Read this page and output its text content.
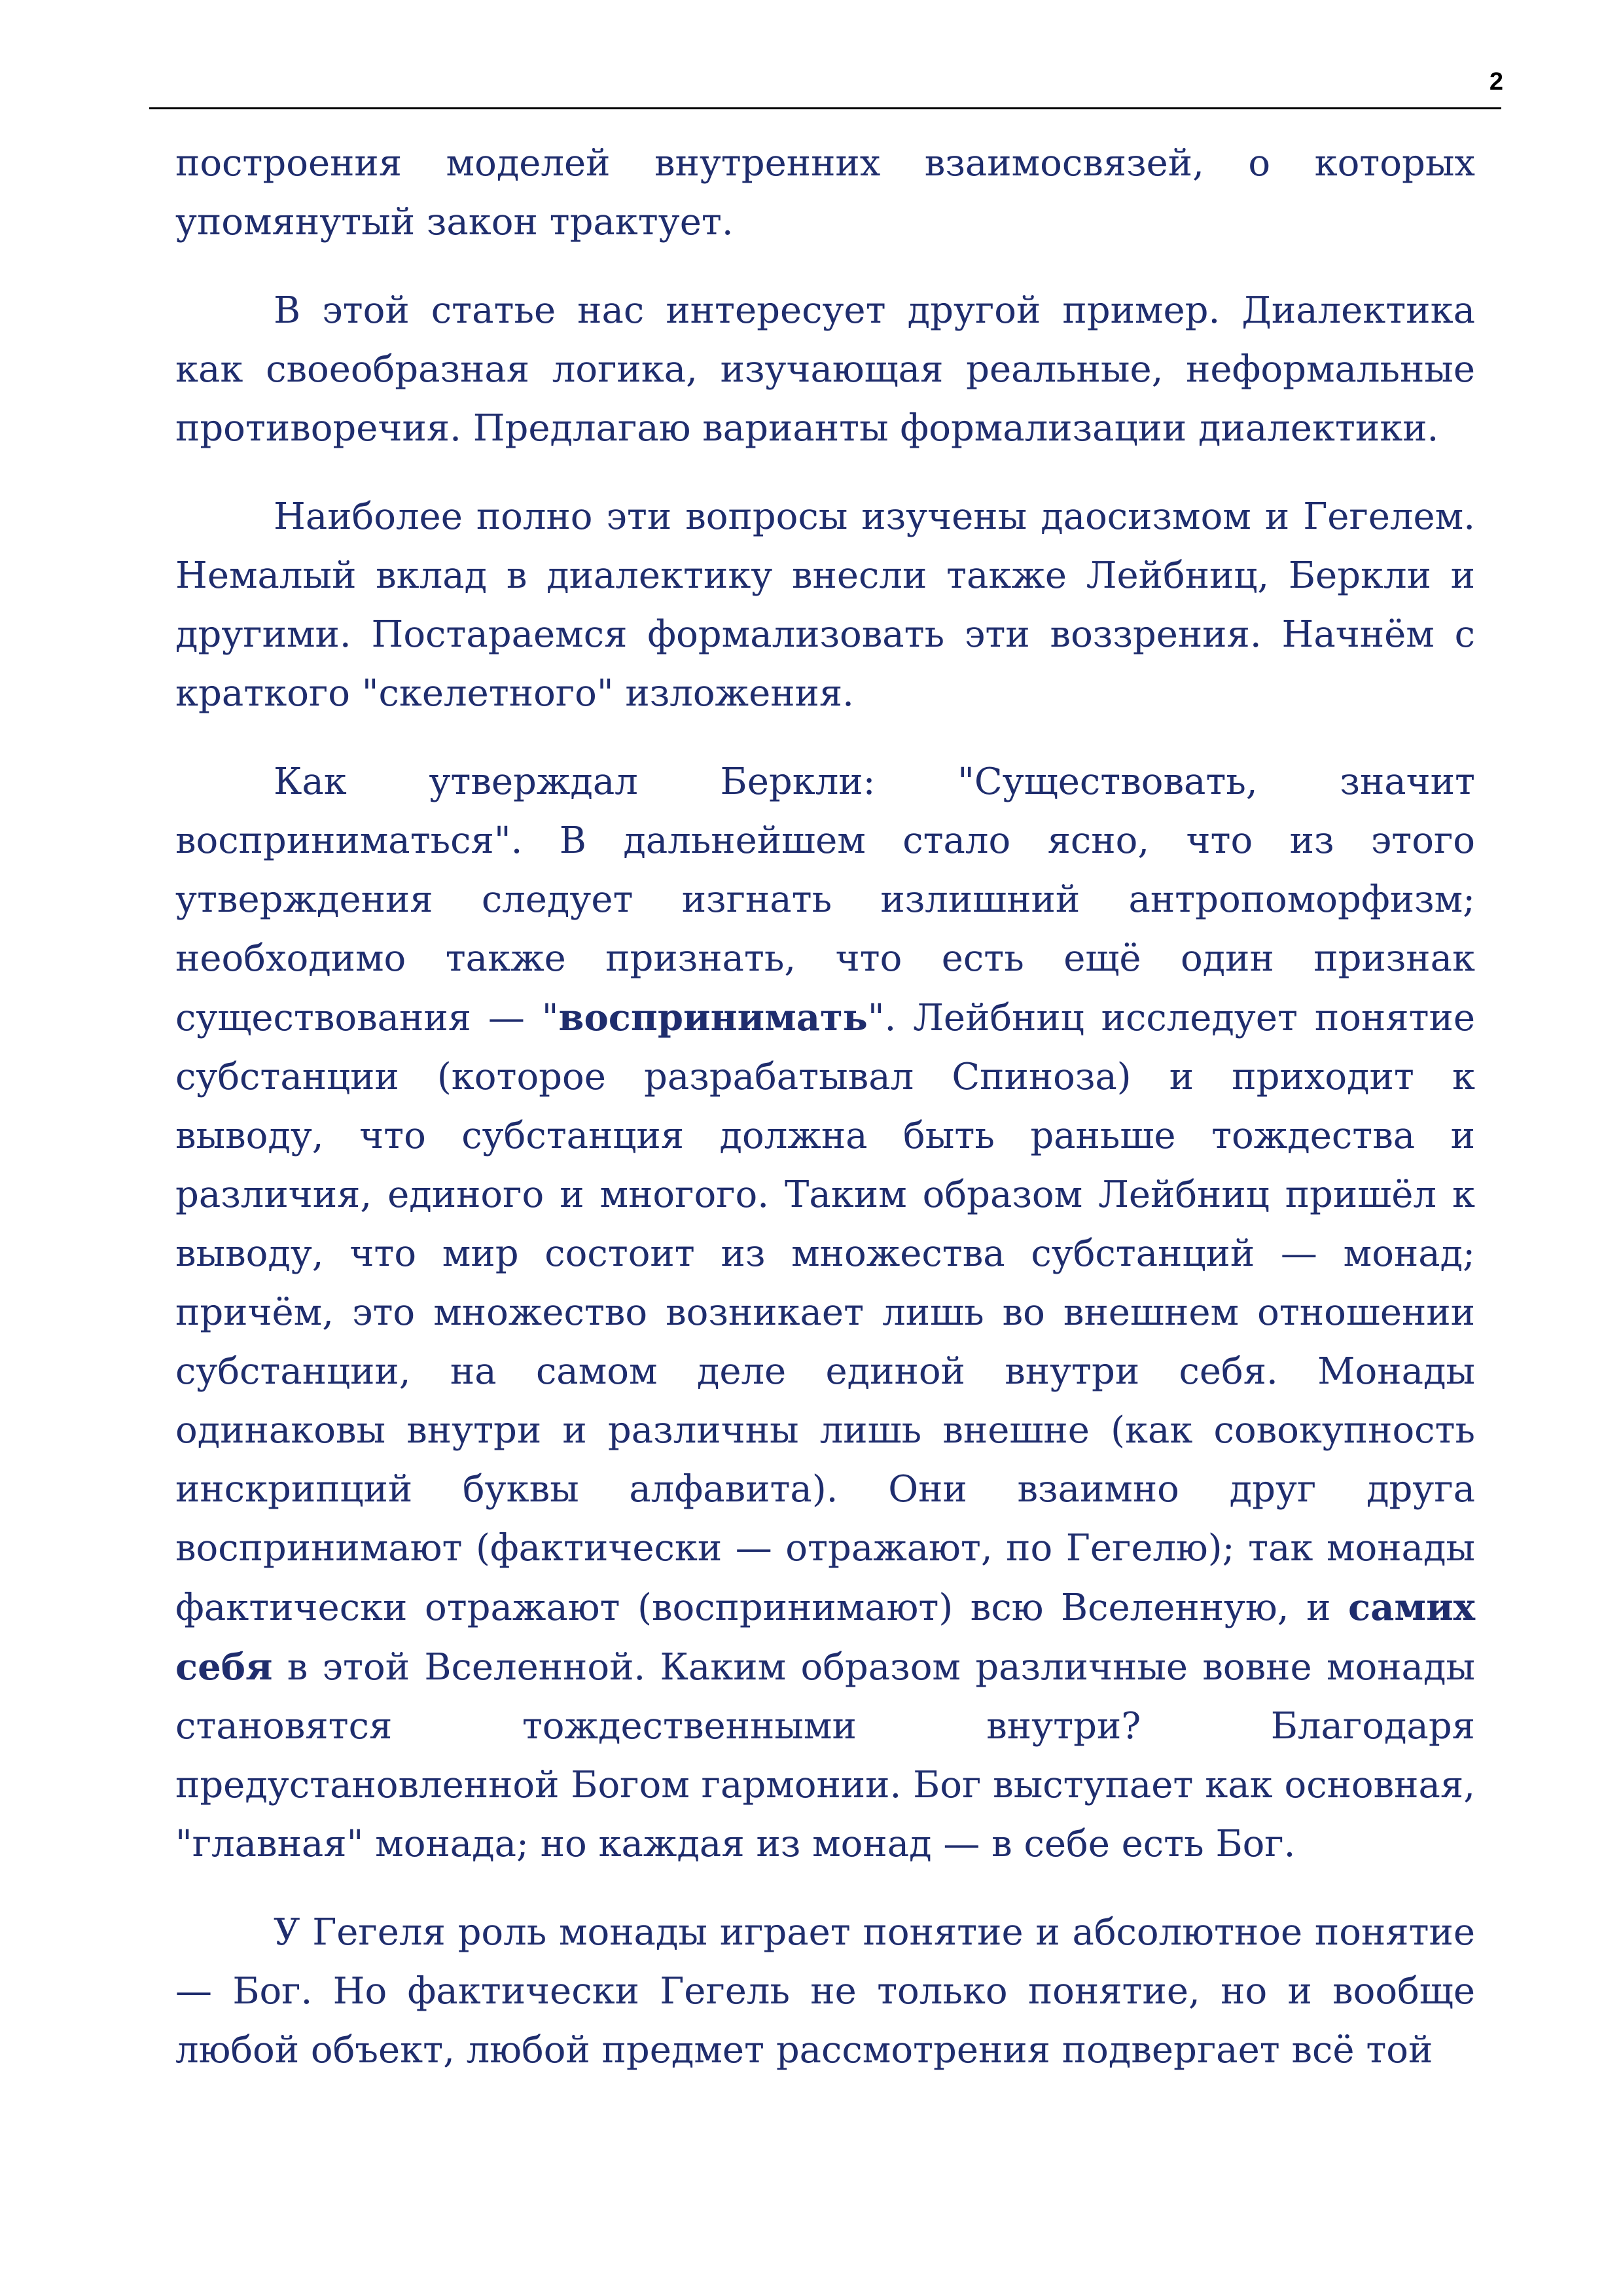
2

построения моделей внутренних взаимосвязей, о которых упомянутый закон трактует.

В этой статье нас интересует другой пример. Диалектика как своеобразная логика, изучающая реальные, неформальные противоречия. Предлагаю варианты формализации диалектики.

Наиболее полно эти вопросы изучены даосизмом и Гегелем. Немалый вклад в диалектику внесли также Лейбниц, Беркли и другими. Постараемся формализовать эти воззрения. Начнём с краткого "скелетного" изложения.

Как утверждал Беркли: "Существовать, значит восприниматься". В дальнейшем стало ясно, что из этого утверждения следует изгнать излишний антропоморфизм; необходимо также признать, что есть ещё один признак существования — "воспринимать". Лейбниц исследует понятие субстанции (которое разрабатывал Спиноза) и приходит к выводу, что субстанция должна быть раньше тождества и различия, единого и многого. Таким образом Лейбниц пришёл к выводу, что мир состоит из множества субстанций — монад; причём, это множество возникает лишь во внешнем отношении субстанции, на самом деле единой внутри себя. Монады одинаковы внутри и различны лишь внешне (как совокупность инскрипций буквы алфавита). Они взаимно друг друга воспринимают (фактически — отражают, по Гегелю); так монады фактически отражают (воспринимают) всю Вселенную, и самих себя в этой Вселенной. Каким образом различные вовне монады становятся тождественными внутри? Благодаря предустановленной Богом гармонии. Бог выступает как основная, "главная" монада; но каждая из монад — в себе есть Бог.

У Гегеля роль монады играет понятие и абсолютное понятие — Бог. Но фактически Гегель не только понятие, но и вообще любой объект, любой предмет рассмотрения подвергает всё той
